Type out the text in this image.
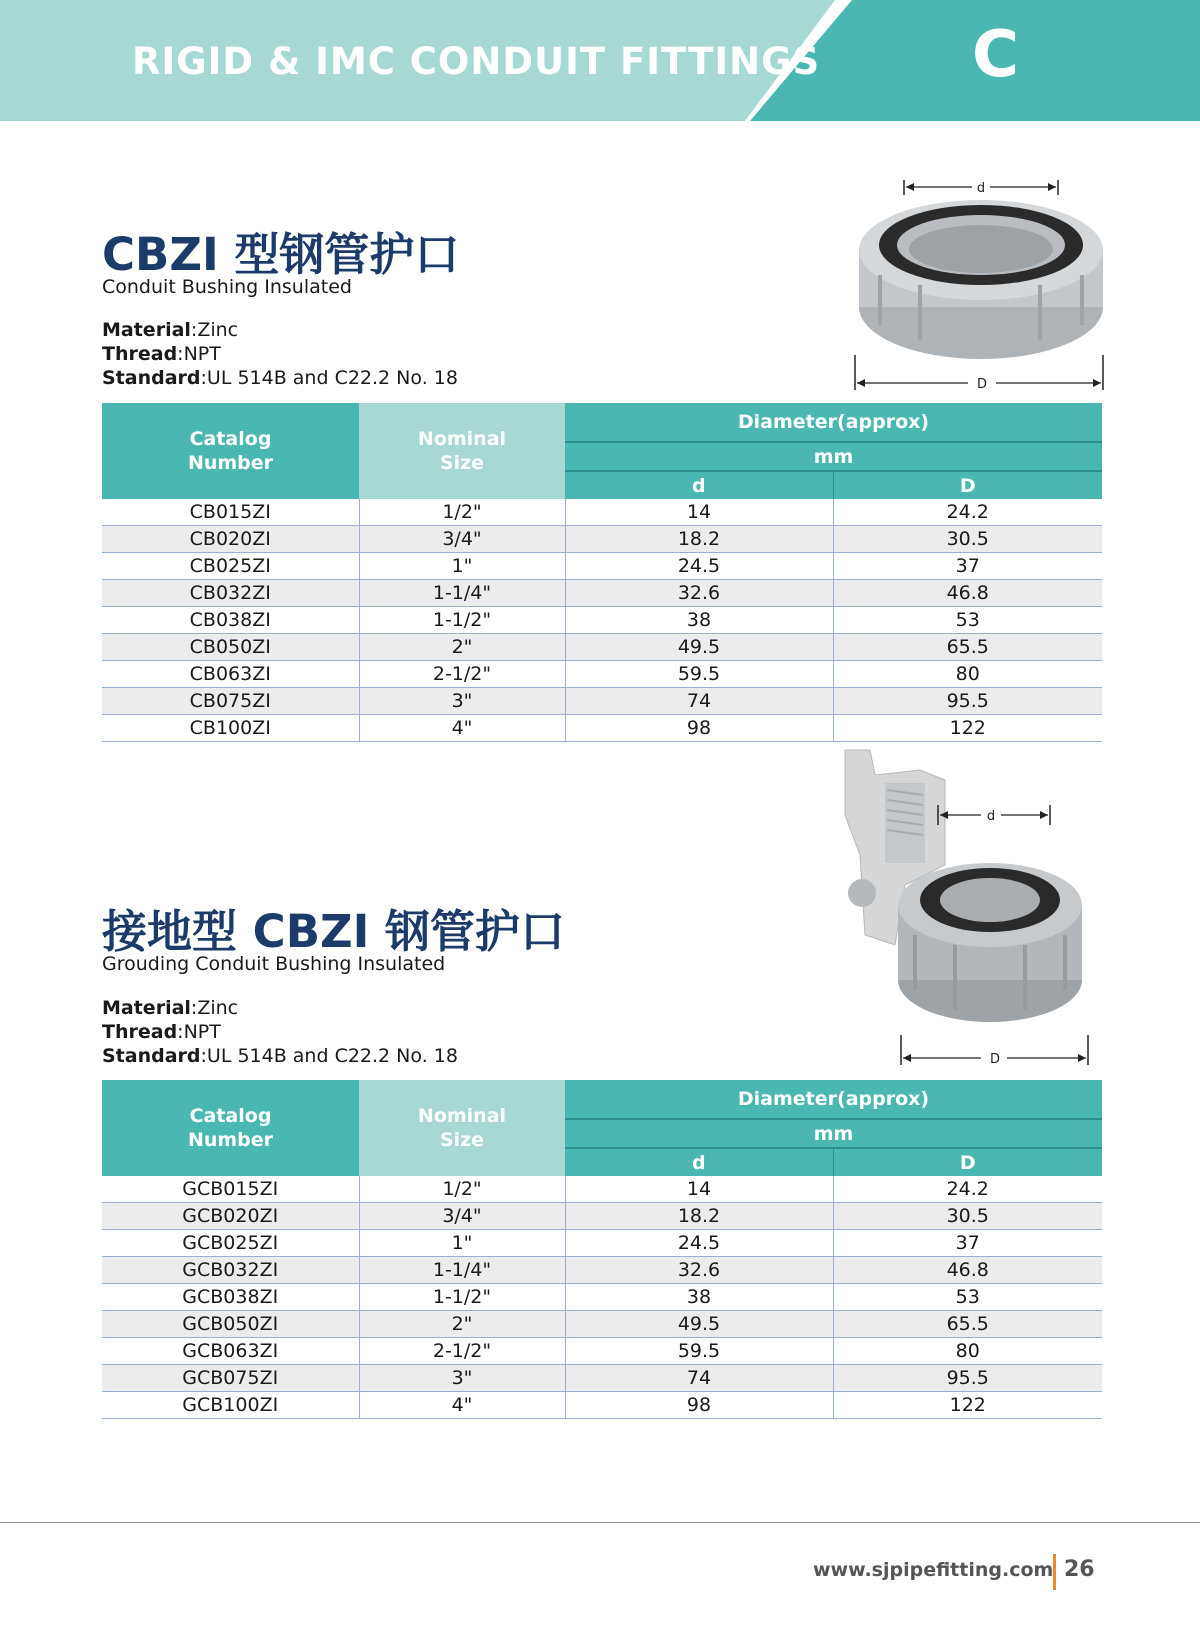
RIGID & IMC CONDUIT FITTINGS C
CBZI 型钢管护口
Conduit Bushing Insulated
Material:Zinc
Thread:NPT
Standard:UL 514B and C22.2 No. 18
d
D
Catalog Number	Nominal Size	Diameter(approx)	
		mm	
		d	D
CB015ZI	1/2"	14	24.2
CB020ZI	3/4"	18.2	30.5
CB025ZI	1"	24.5	37
CB032ZI	1-1/4"	32.6	46.8
CB038ZI	1-1/2"	38	53
CB050ZI	2"	49.5	65.5
CB063ZI	2-1/2"	59.5	80
CB075ZI	3"	74	95.5
CB100ZI	4"	98	122
接地型 CBZI 钢管护口
Grouding Conduit Bushing Insulated
Material:Zinc
Thread:NPT
Standard:UL 514B and C22.2 No. 18
d
D
Catalog Number	Nominal Size	Diameter(approx)	
		mm	
		d	D
GCB015ZI	1/2"	14	24.2
GCB020ZI	3/4"	18.2	30.5
GCB025ZI	1"	24.5	37
GCB032ZI	1-1/4"	32.6	46.8
GCB038ZI	1-1/2"	38	53
GCB050ZI	2"	49.5	65.5
GCB063ZI	2-1/2"	59.5	80
GCB075ZI	3"	74	95.5
GCB100ZI	4"	98	122
www.sjpipefitting.com 26
